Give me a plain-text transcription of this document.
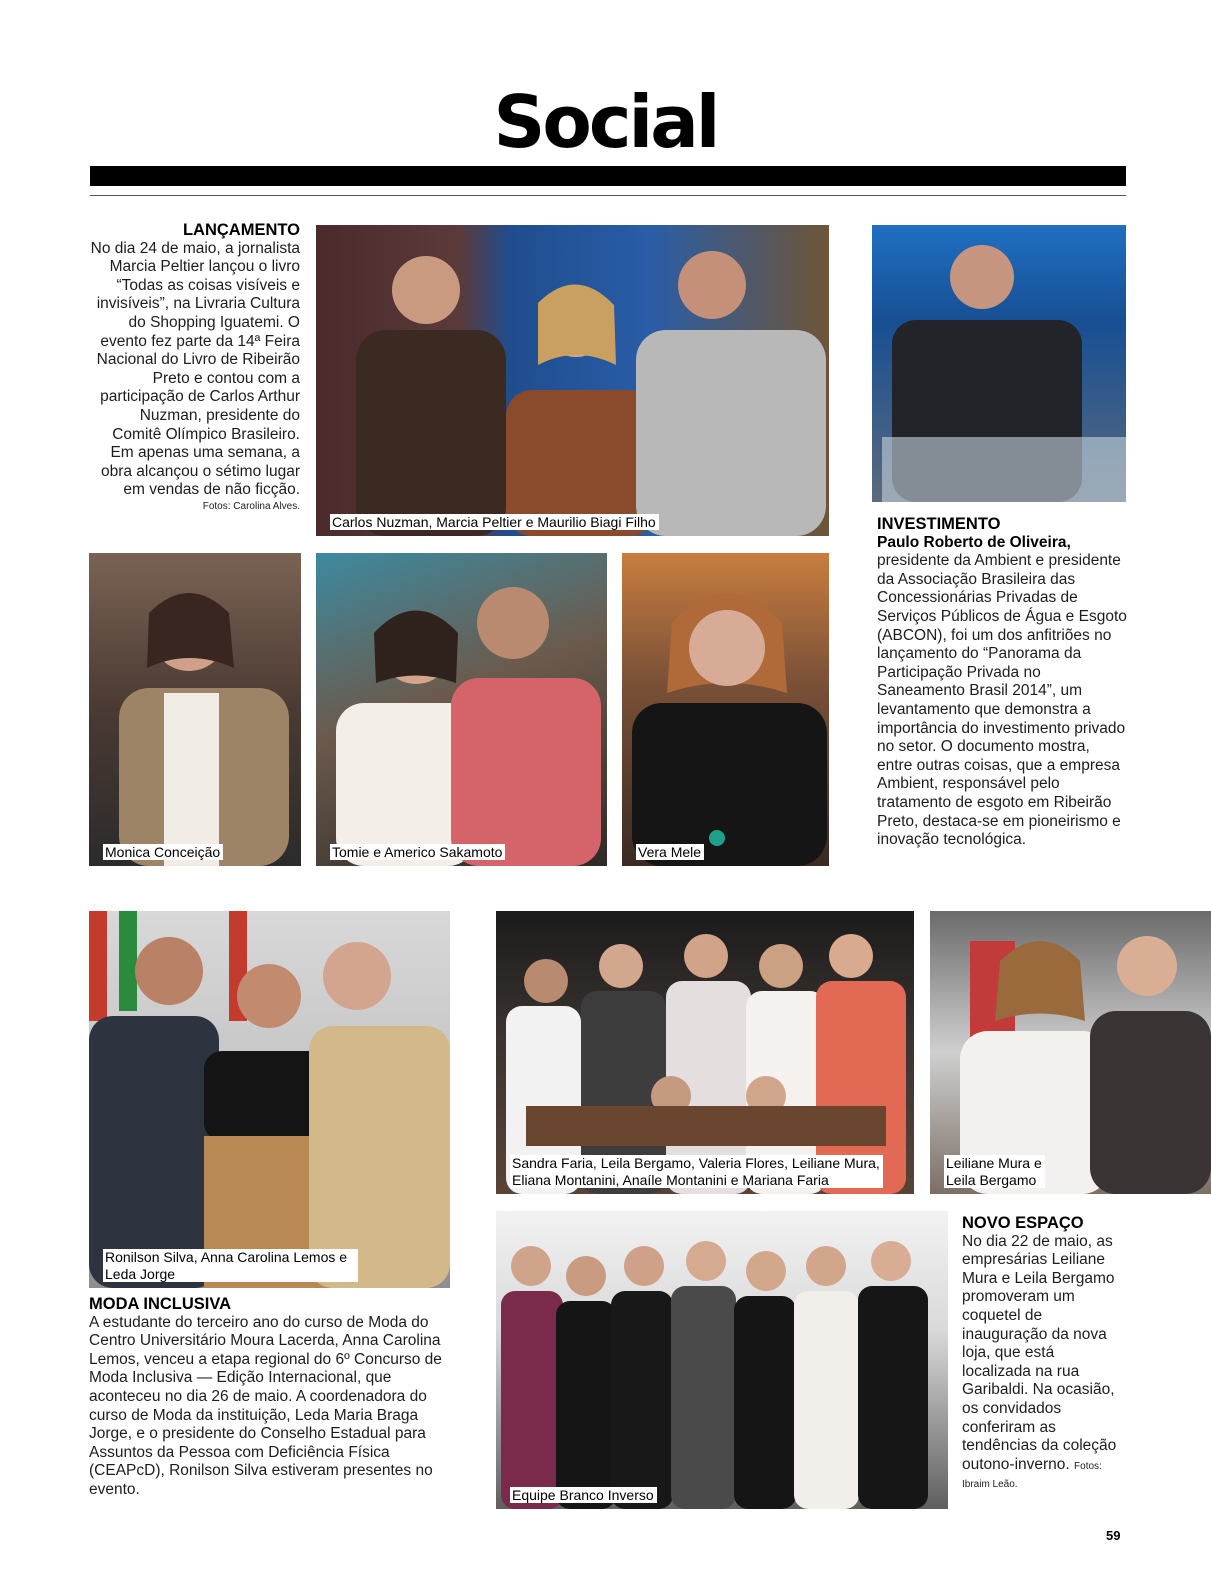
Social
LANÇAMENTO
No dia 24 de maio, a jornalista Marcia Peltier lançou o livro “Todas as coisas visíveis e invisíveis”, na Livraria Cultura do Shopping Iguatemi. O evento fez parte da 14ª Feira Nacional do Livro de Ribeirão Preto e contou com a participação de Carlos Arthur Nuzman, presidente do Comitê Olímpico Brasileiro. Em apenas uma semana, a obra alcançou o sétimo lugar em vendas de não ficção.
Fotos: Carolina Alves.
Carlos Nuzman, Marcia Peltier e Maurilio Biagi Filho	INVESTIMENTO
Paulo Roberto de Oliveira,
presidente da Ambient e presidente da Associação Brasileira das Concessionárias Privadas de Serviços Públicos de Água e Esgoto (ABCON), foi um dos anfitriões no lançamento do “Panorama da Participação Privada no Saneamento Brasil 2014”, um levantamento que demonstra a importância do investimento privado no setor. O documento mostra, entre outras coisas, que a empresa Ambient, responsável pelo tratamento de esgoto em Ribeirão Preto, destaca-se em pioneirismo e inovação tecnológica.
Monica Conceição	Tomie e Americo Sakamoto	Vera Mele
Ronilson Silva, Anna Carolina Lemos e Leda Jorge
MODA INCLUSIVA
A estudante do terceiro ano do curso de Moda do Centro Universitário Moura Lacerda, Anna Carolina Lemos, venceu a etapa regional do 6º Concurso de Moda Inclusiva — Edição Internacional, que aconteceu no dia 26 de maio. A coordenadora do curso de Moda da instituição, Leda Maria Braga Jorge, e o presidente do Conselho Estadual para Assuntos da Pessoa com Deficiência Física (CEAPcD), Ronilson Silva estiveram presentes no evento.
Sandra Faria, Leila Bergamo, Valeria Flores, Leiliane Mura,
Eliana Montanini, Anaíle Montanini e Mariana Faria
Leiliane Mura e
Leila Bergamo
Equipe Branco Inverso
NOVO ESPAÇO
No dia 22 de maio, as empresárias Leiliane Mura e Leila Bergamo promoveram um coquetel de inauguração da nova loja, que está localizada na rua Garibaldi. Na ocasião, os convidados conferiram as tendências da coleção outono-inverno. Fotos: Ibraim Leão.
59
